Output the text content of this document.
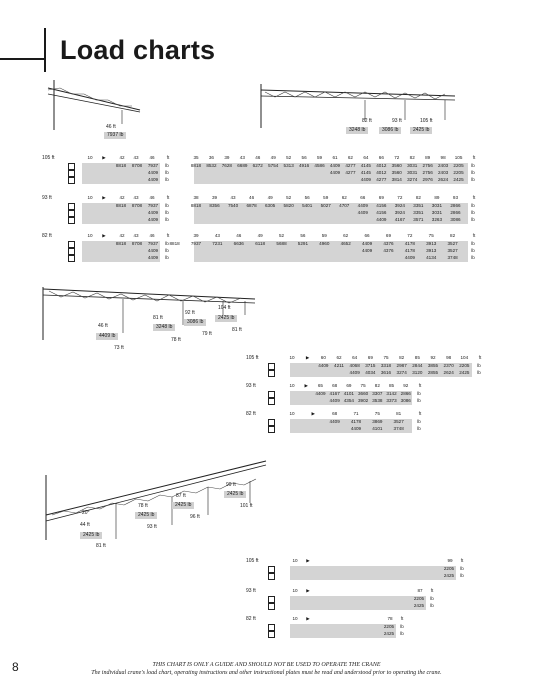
Load charts
46 ft
7937 lb
82 ft	93 ft	105 ft
3248 lb	3086 lb	2425 lb
105 ft	10	▶	42	43	46	ft
8818	8708	7937	lb
4409	lb
4409	lb
35	36	39	43	46	49	52	56	59	61	62	64	66	72	82	89	98	105	ft
8818	8532	7628	6689	6272	5754	5313	4916	4586	4409	4277	4145	4012	3560	3031	2756	2403	2205	lb
4409	4277	4145	4012	3560	3031	2756	2403	2205	lb
4409	4277	3814	3274	2976	2624	2425	lb
93 ft	10	▶	42	43	46	ft
8818	8708	7937	lb
4409	lb
4409	lb
38	39	43	46	49	52	56	59	62	66	69	72	82	89	93	ft
8818	8356	7540	6878	6305	5820	5401	5027	4707	4409	4156	3924	3351	3031	2866	lb
4409	4156	3924	3351	3031	2866	lb
4409	4167	3571	3263	3086	lb
82 ft	10	▶	42	43	46	ft
8818	8708	7937	lb
4409	lb
4409	lb
39	43	46	49	52	56	59	62	66	69	72	75	82	ft
8818	7937	7231	6636	6118	5688	5291	4960	4652	4409	4376	4178	3913	3527	lb
4409	4376	4178	3913	3527	lb
4409	4134	3748	lb
46 ft
4409 lb
73 ft
81 ft
3248 lb
78 ft
92 ft
3086 lb
79 ft
104 ft
2425 lb
81 ft
105 ft	10	▶	60	62	64	69	75	82	85	92	98	104	ft
4409	4211	4068	3715	3318	2987	2844	3855	2370	2205	lb
4409	4034	3616	3274	3120	2855	2624	2425	lb
93 ft	10	▶	65	68	69	75	82	85	92	ft
4409 4167 4101 3660 3307 3142 2866	lb
4409 4354 3902 3538 3373 3086	lb
82 ft	10	▶	68	71	75	81	ft
4409	4178	3869	3527	lb
4409	4101	3748	lb
20°
44 ft
2425 lb
81 ft
78 ft
2425 lb
93 ft
87 ft
2425 lb
96 ft
99 ft
2425 lb
101 ft
105 ft	10	▶	99	ft
2205	lb
2425	lb
93 ft	10	▶	87	ft
2205	lb
2425	lb
82 ft	10	▶	78	ft
2205	lb
2425	lb
8	THIS CHART IS ONLY A GUIDE AND SHOULD NOT BE USED TO OPERATE THE CRANE
The individual crane's load chart, operating instructions and other instructional plates must be read and understood prior to operating the crane.
